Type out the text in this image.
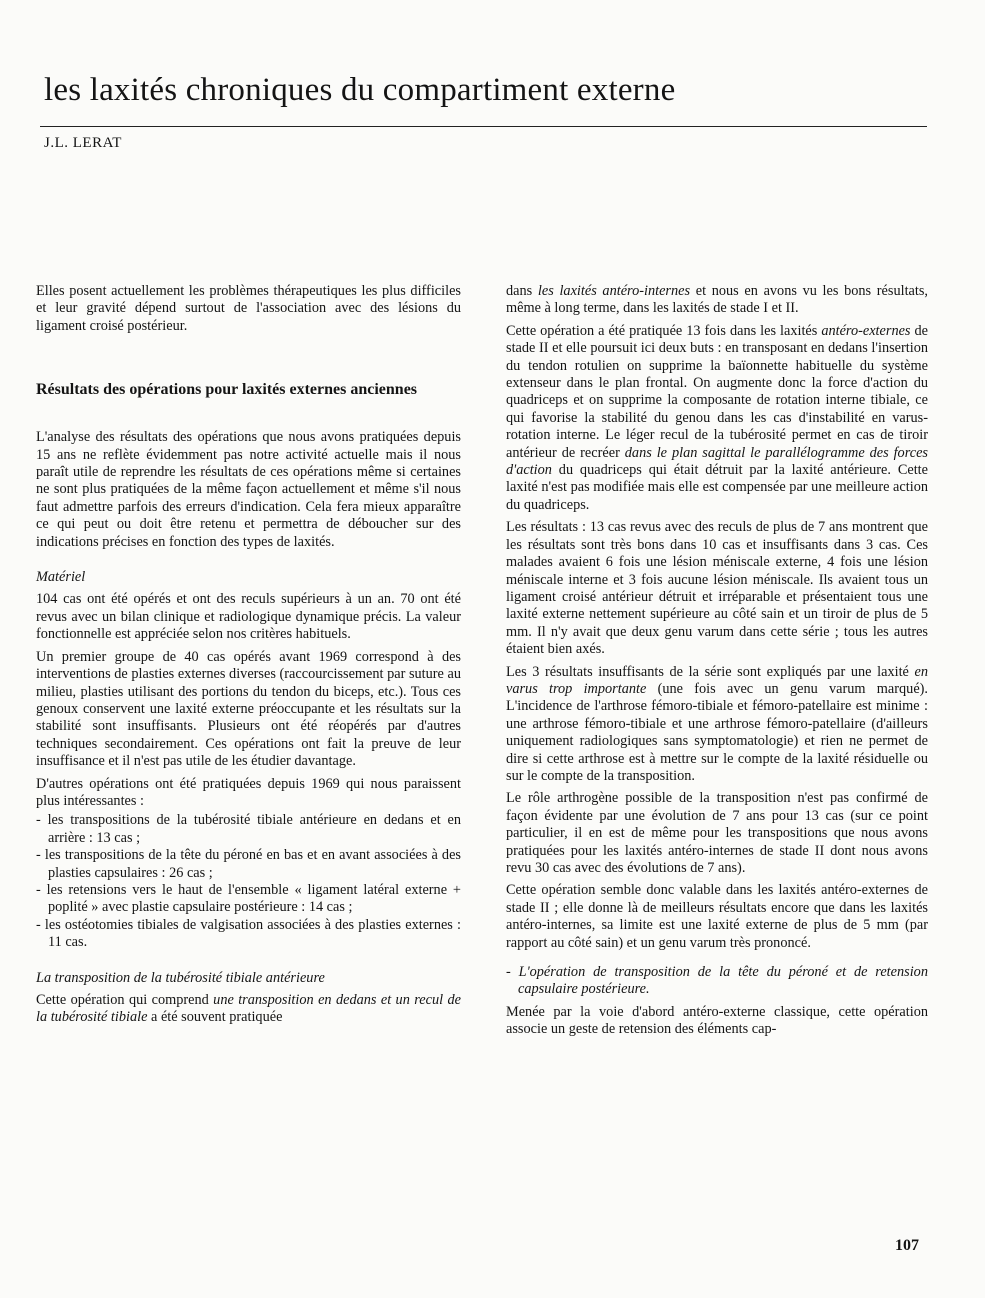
les laxités chroniques du compartiment externe
J.L. LERAT

Elles posent actuellement les problèmes thérapeutiques les plus difficiles et leur gravité dépend surtout de l'association avec des lésions du ligament croisé postérieur.

Résultats des opérations pour laxités externes anciennes

L'analyse des résultats des opérations que nous avons pratiquées depuis 15 ans ne reflète évidemment pas notre activité actuelle mais il nous paraît utile de reprendre les résultats de ces opérations même si certaines ne sont plus pratiquées de la même façon actuellement et même s'il nous faut admettre parfois des erreurs d'indication. Cela fera mieux apparaître ce qui peut ou doit être retenu et permettra de déboucher sur des indications précises en fonction des types de laxités.

Matériel

104 cas ont été opérés et ont des reculs supérieurs à un an. 70 ont été revus avec un bilan clinique et radiologique dynamique précis. La valeur fonctionnelle est appréciée selon nos critères habituels.

Un premier groupe de 40 cas opérés avant 1969 correspond à des interventions de plasties externes diverses (raccourcissement par suture au milieu, plasties utilisant des portions du tendon du biceps, etc.). Tous ces genoux conservent une laxité externe préoccupante et les résultats sur la stabilité sont insuffisants. Plusieurs ont été réopérés par d'autres techniques secondairement. Ces opérations ont fait la preuve de leur insuffisance et il n'est pas utile de les étudier davantage.

D'autres opérations ont été pratiquées depuis 1969 qui nous paraissent plus intéressantes :

- les transpositions de la tubérosité tibiale antérieure en dedans et en arrière : 13 cas ;
- les transpositions de la tête du péroné en bas et en avant associées à des plasties capsulaires : 26 cas ;
- les retensions vers le haut de l'ensemble « ligament latéral externe + poplité » avec plastie capsulaire postérieure : 14 cas ;
- les ostéotomies tibiales de valgisation associées à des plasties externes : 11 cas.

La transposition de la tubérosité tibiale antérieure

Cette opération qui comprend une transposition en dedans et un recul de la tubérosité tibiale a été souvent pratiquée

dans les laxités antéro-internes et nous en avons vu les bons résultats, même à long terme, dans les laxités de stade I et II.

Cette opération a été pratiquée 13 fois dans les laxités antéro-externes de stade II et elle poursuit ici deux buts : en transposant en dedans l'insertion du tendon rotulien on supprime la baïonnette habituelle du système extenseur dans le plan frontal. On augmente donc la force d'action du quadriceps et on supprime la composante de rotation interne tibiale, ce qui favorise la stabilité du genou dans les cas d'instabilité en varus-rotation interne. Le léger recul de la tubérosité permet en cas de tiroir antérieur de recréer dans le plan sagittal le parallélogramme des forces d'action du quadriceps qui était détruit par la laxité antérieure. Cette laxité n'est pas modifiée mais elle est compensée par une meilleure action du quadriceps.

Les résultats : 13 cas revus avec des reculs de plus de 7 ans montrent que les résultats sont très bons dans 10 cas et insuffisants dans 3 cas. Ces malades avaient 6 fois une lésion méniscale externe, 4 fois une lésion méniscale interne et 3 fois aucune lésion méniscale. Ils avaient tous un ligament croisé antérieur détruit et irréparable et présentaient tous une laxité externe nettement supérieure au côté sain et un tiroir de plus de 5 mm. Il n'y avait que deux genu varum dans cette série ; tous les autres étaient bien axés.

Les 3 résultats insuffisants de la série sont expliqués par une laxité en varus trop importante (une fois avec un genu varum marqué). L'incidence de l'arthrose fémoro-tibiale et fémoro-patellaire est minime : une arthrose fémoro-tibiale et une arthrose fémoro-patellaire (d'ailleurs uniquement radiologiques sans symptomatologie) et rien ne permet de dire si cette arthrose est à mettre sur le compte de la laxité résiduelle ou sur le compte de la transposition.

Le rôle arthrogène possible de la transposition n'est pas confirmé de façon évidente par une évolution de 7 ans pour 13 cas (sur ce point particulier, il en est de même pour les transpositions que nous avons pratiquées pour les laxités antéro-internes de stade II dont nous avons revu 30 cas avec des évolutions de 7 ans).

Cette opération semble donc valable dans les laxités antéro-externes de stade II ; elle donne là de meilleurs résultats encore que dans les laxités antéro-internes, sa limite est une laxité externe de plus de 5 mm (par rapport au côté sain) et un genu varum très prononcé.

- L'opération de transposition de la tête du péroné et de retension capsulaire postérieure.

Menée par la voie d'abord antéro-externe classique, cette opération associe un geste de retension des éléments cap-

107
